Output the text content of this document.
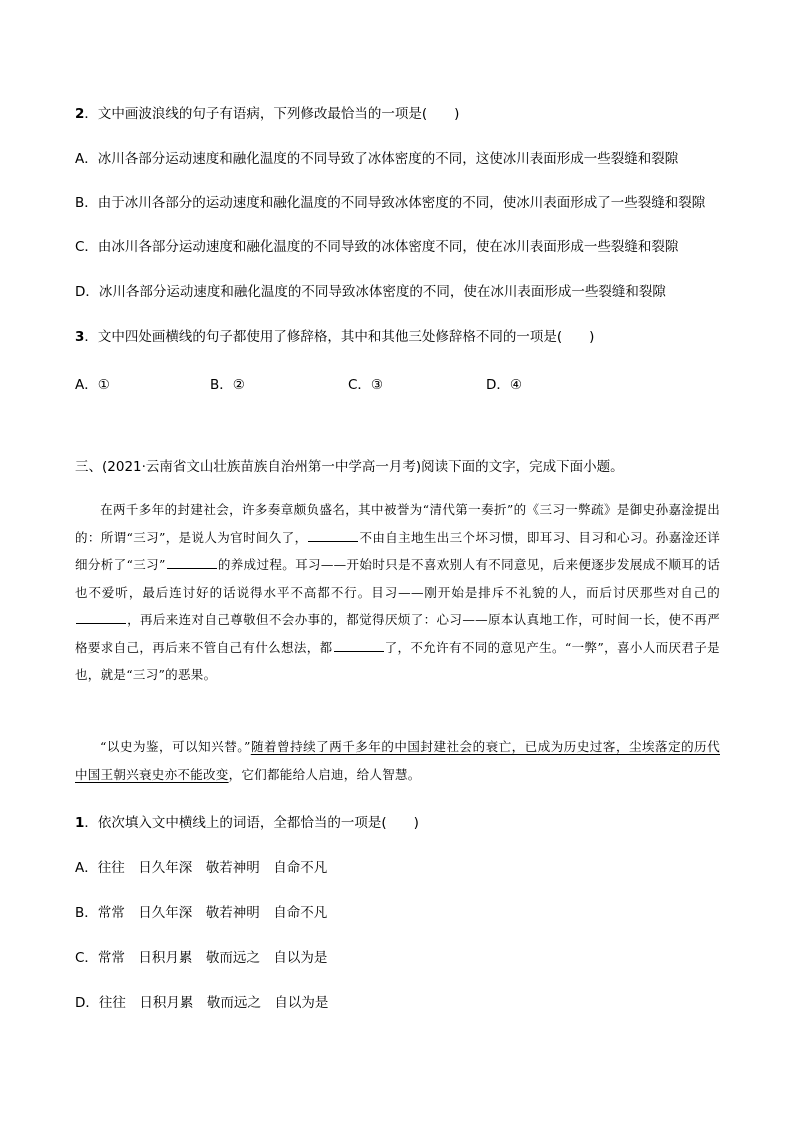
2．文中画波浪线的句子有语病，下列修改最恰当的一项是(　　)
A．冰川各部分运动速度和融化温度的不同导致了冰体密度的不同，这使冰川表面形成一些裂缝和裂隙
B．由于冰川各部分的运动速度和融化温度的不同导致冰体密度的不同，使冰川表面形成了一些裂缝和裂隙
C．由冰川各部分运动速度和融化温度的不同导致的冰体密度不同，使在冰川表面形成一些裂缝和裂隙
D．冰川各部分运动速度和融化温度的不同导致冰体密度的不同，使在冰川表面形成一些裂缝和裂隙
3．文中四处画横线的句子都使用了修辞格，其中和其他三处修辞格不同的一项是(　　)
A．①	B．②	C．③	D．④
三、(2021·云南省文山壮族苗族自治州第一中学高一月考)阅读下面的文字，完成下面小题。
在两千多年的封建社会，许多奏章颇负盛名，其中被誉为“清代第一奏折”的《三习一弊疏》是御史孙嘉淦提出的：所谓“三习”，是说人为官时间久了，	不由自主地生出三个坏习惯，即耳习、目习和心习。孙嘉淦还详细分析了“三习”	的养成过程。耳习——开始时只是不喜欢别人有不同意见，后来便逐步发展成不顺耳的话也不爱听，最后连讨好的话说得水平不高都不行。目习——刚开始是排斥不礼貌的人，而后讨厌那些对自己的，再后来连对自己尊敬但不会办事的，都觉得厌烦了：心习——原本认真地工作，可时间一长，使不再严格要求自己，再后来不管自己有什么想法，都	了，不允许有不同的意见产生。“一弊”，喜小人而厌君子是也，就是“三习”的恶果。
“以史为鉴，可以知兴替。”随着曾持续了两千多年的中国封建社会的衰亡，已成为历史过客，尘埃落定的历代中国王朝兴衰史亦不能改变，它们都能给人启迪，给人智慧。
1．依次填入文中横线上的词语，全都恰当的一项是(　　)
A．往往　日久年深　敬若神明　自命不凡
B．常常　日久年深　敬若神明　自命不凡
C．常常　日积月累　敬而远之　自以为是
D．往往　日积月累　敬而远之　自以为是
